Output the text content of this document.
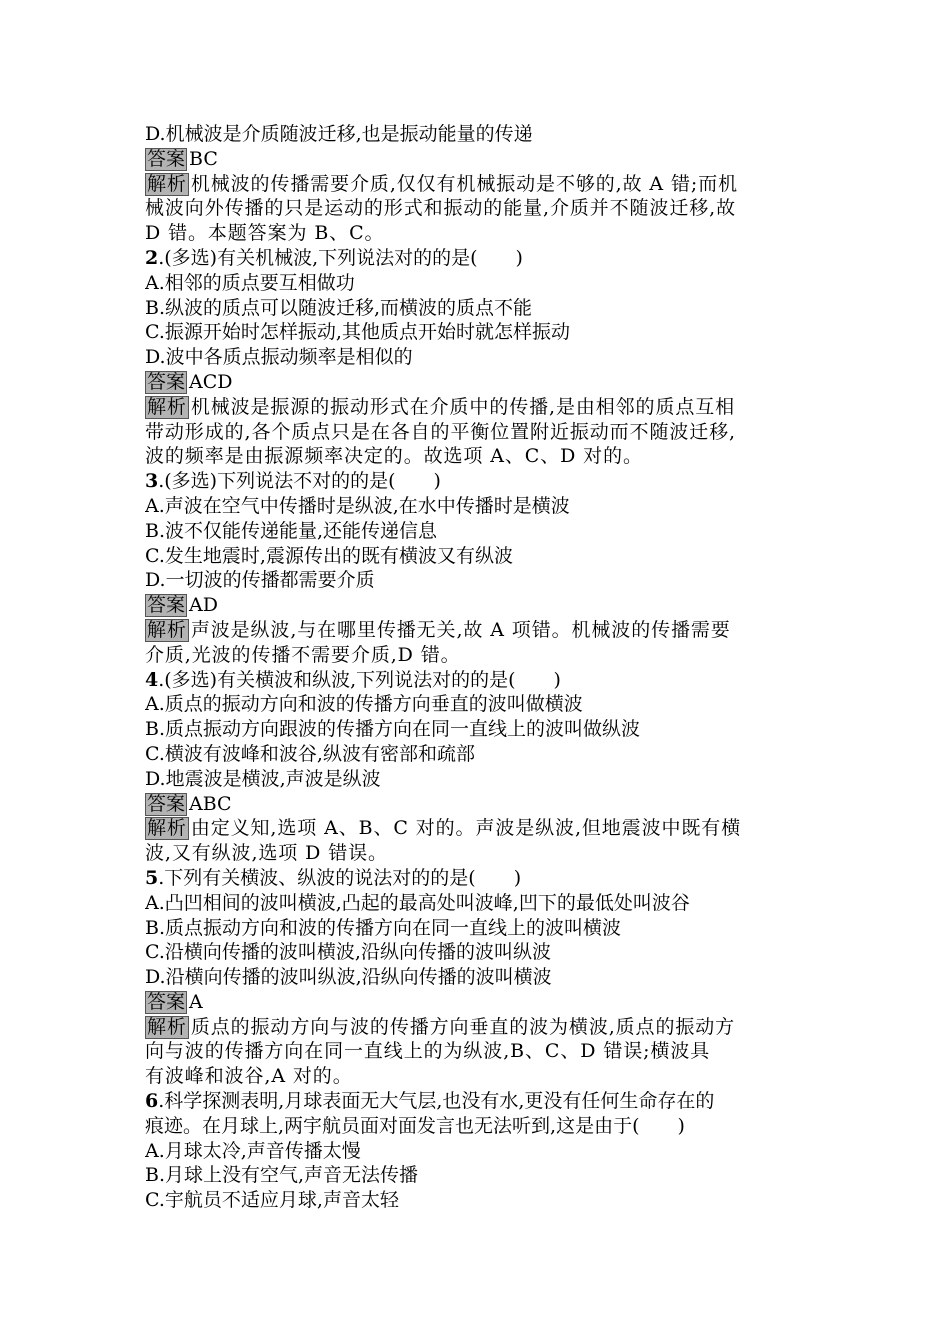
D.机械波是介质随波迁移,也是振动能量的传递
答案 BC
解析 机械波的传播需要介质,仅仅有机械振动是不够的,故 A 错;而机
械波向外传播的只是运动的形式和振动的能量,介质并不随波迁移,故
D 错。本题答案为 B、C。
2.(多选)有关机械波,下列说法对的的是(　　)
A.相邻的质点要互相做功
B.纵波的质点可以随波迁移,而横波的质点不能
C.振源开始时怎样振动,其他质点开始时就怎样振动
D.波中各质点振动频率是相似的
答案 ACD
解析 机械波是振源的振动形式在介质中的传播,是由相邻的质点互相
带动形成的,各个质点只是在各自的平衡位置附近振动而不随波迁移,
波的频率是由振源频率决定的。故选项 A、C、D 对的。
3.(多选)下列说法不对的的是(　　)
A.声波在空气中传播时是纵波,在水中传播时是横波
B.波不仅能传递能量,还能传递信息
C.发生地震时,震源传出的既有横波又有纵波
D.一切波的传播都需要介质
答案 AD
解析 声波是纵波,与在哪里传播无关,故 A 项错。机械波的传播需要
介质,光波的传播不需要介质,D 错。
4.(多选)有关横波和纵波,下列说法对的的是(　　)
A.质点的振动方向和波的传播方向垂直的波叫做横波
B.质点振动方向跟波的传播方向在同一直线上的波叫做纵波
C.横波有波峰和波谷,纵波有密部和疏部
D.地震波是横波,声波是纵波
答案 ABC
解析 由定义知,选项 A、B、C 对的。声波是纵波,但地震波中既有横
波,又有纵波,选项 D 错误。
5.下列有关横波、纵波的说法对的的是(　　)
A.凸凹相间的波叫横波,凸起的最高处叫波峰,凹下的最低处叫波谷
B.质点振动方向和波的传播方向在同一直线上的波叫横波
C.沿横向传播的波叫横波,沿纵向传播的波叫纵波
D.沿横向传播的波叫纵波,沿纵向传播的波叫横波
答案 A
解析 质点的振动方向与波的传播方向垂直的波为横波,质点的振动方
向与波的传播方向在同一直线上的为纵波,B、C、D 错误;横波具
有波峰和波谷,A 对的。
6.科学探测表明,月球表面无大气层,也没有水,更没有任何生命存在的
痕迹。在月球上,两宇航员面对面发言也无法听到,这是由于(　　)
A.月球太冷,声音传播太慢
B.月球上没有空气,声音无法传播
C.宇航员不适应月球,声音太轻
